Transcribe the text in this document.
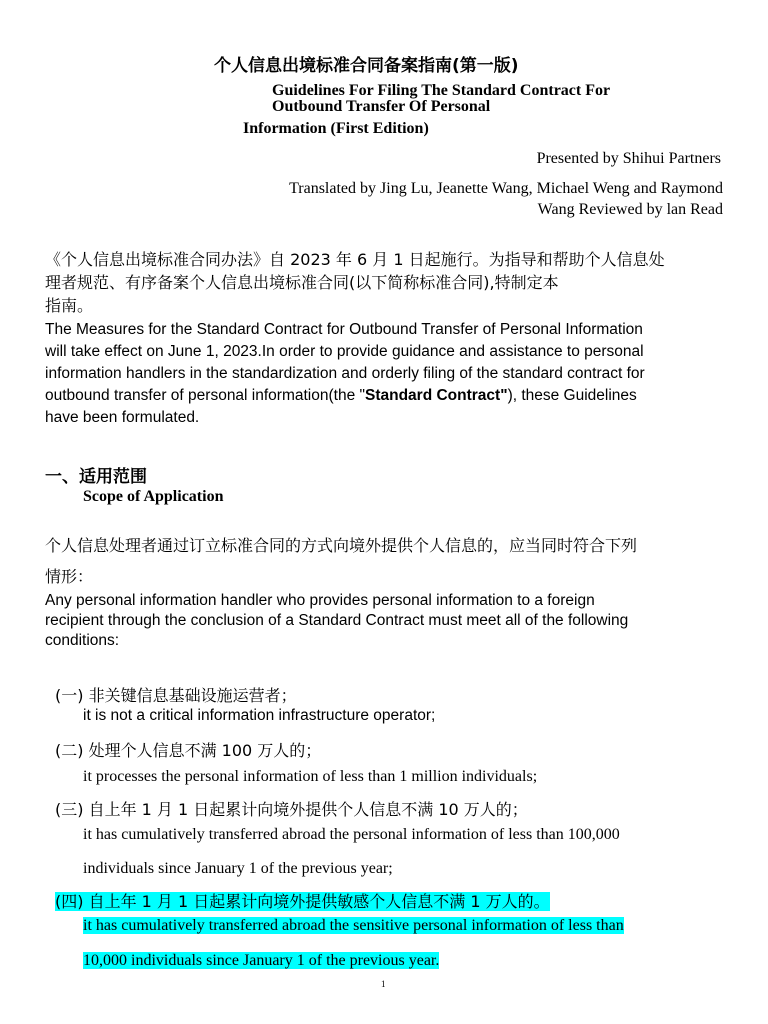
个人信息出境标准合同备案指南(第一版)
Guidelines For Filing The Standard Contract For
Outbound Transfer Of Personal
Information (First Edition)
Presented by Shihui Partners
Translated by Jing Lu, Jeanette Wang, Michael Weng and Raymond
Wang Reviewed by lan Read
《个人信息出境标准合同办法》自 2023 年 6 月 1 日起施行。为指导和帮助个人信息处
理者规范、有序备案个人信息出境标准合同(以下简称标准合同),特制定本
指南。
The Measures for the Standard Contract for Outbound Transfer of Personal Information
will take effect on June 1, 2023.In order to provide guidance and assistance to personal
information handlers in the standardization and orderly filing of the standard contract for
outbound transfer of personal information(the "Standard Contract"), these Guidelines
have been formulated.
一、适用范围
Scope of Application
个人信息处理者通过订立标准合同的方式向境外提供个人信息的，应当同时符合下列
情形：
Any personal information handler who provides personal information to a foreign
recipient through the conclusion of a Standard Contract must meet all of the following
conditions:
(一) 非关键信息基础设施运营者；
it is not a critical information infrastructure operator;
(二) 处理个人信息不满 100 万人的；
it processes the personal information of less than 1 million individuals;
(三) 自上年 1 月 1 日起累计向境外提供个人信息不满 10 万人的；
it has cumulatively transferred abroad the personal information of less than 100,000
individuals since January 1 of the previous year;
(四) 自上年 1 月 1 日起累计向境外提供敏感个人信息不满 1 万人的。
it has cumulatively transferred abroad the sensitive personal information of less than
10,000 individuals since January 1 of the previous year.
1
